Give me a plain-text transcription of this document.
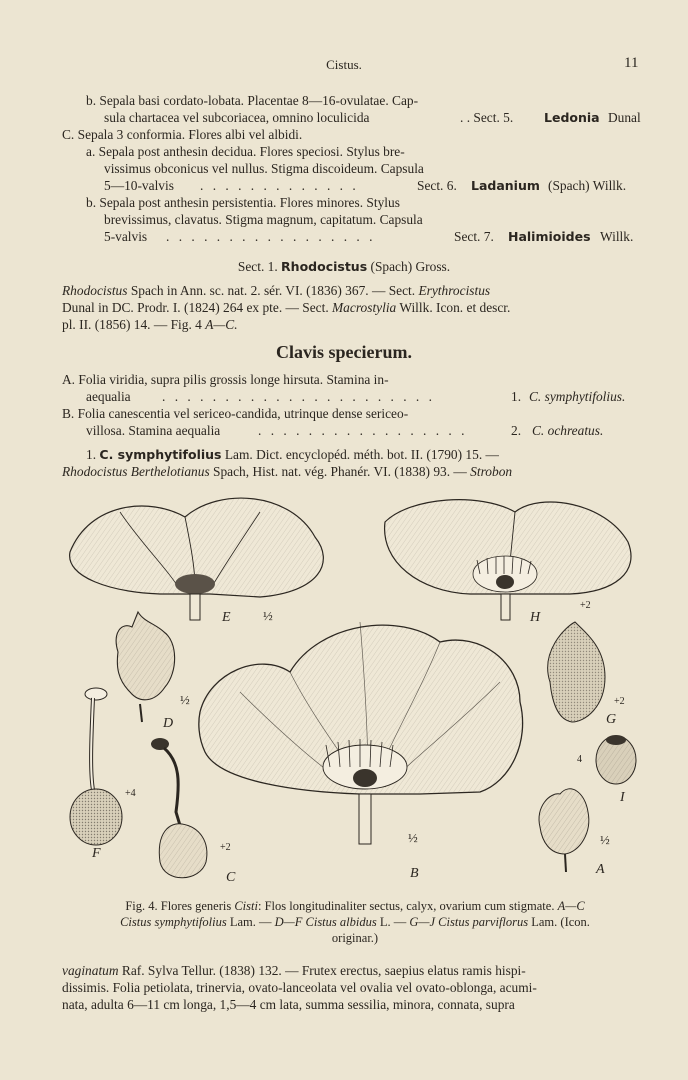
Cistus.	11
b. Sepala basi cordato-lobata. Placentae 8—16-ovulatae. Cap-
sula chartacea vel subcoriacea, omnino loculicida	. . Sect. 5. Ledonia Dunal
C. Sepala 3 conformia. Flores albi vel albidi.
a. Sepala post anthesin decidua. Flores speciosi. Stylus bre-
vissimus obconicus vel nullus. Stigma discoideum. Capsula
5—10-valvis . . . . . . . . . . . . .	Sect. 6. Ladanium (Spach) Willk.
b. Sepala post anthesin persistentia. Flores minores. Stylus
brevissimus, clavatus. Stigma magnum, capitatum. Capsula
5-valvis . . . . . . . . . . . . . . . . .	Sect. 7. Halimioides Willk.
Sect. 1. Rhodocistus (Spach) Gross.
Rhodocistus Spach in Ann. sc. nat. 2. sér. VI. (1836) 367. — Sect. Erythrocistus
Dunal in DC. Prodr. I. (1824) 264 ex pte. — Sect. Macrostylia Willk. Icon. et descr.
pl. II. (1856) 14. — Fig. 4 A—C.
Clavis specierum.
A. Folia viridia, supra pilis grossis longe hirsuta. Stamina in-
aequalia . . . . . . . . . . . . . . . . . . . . . .	1. C. symphytifolius.
B. Folia canescentia vel sericeo-candida, utrinque dense sericeo-
villosa. Stamina aequalia	. . . . . . . . . . . . . . . . .	2. C. ochreatus.
1. C. symphytifolius Lam. Dict. encyclopéd. méth. bot. II. (1790) 15. —
Rhodocistus Berthelotianus Spach, Hist. nat. vég. Phanér. VI. (1838) 93. — Strobon
E ½	H
+2
½
D
+2
G
+4
F	+2
C
½
B
4
I
½
A
Fig. 4. Flores generis Cisti: Flos longitudinaliter sectus, calyx, ovarium cum stigmate. A—C
Cistus symphytifolius Lam. — D—F Cistus albidus L. — G—J Cistus parviflorus Lam. (Icon.
originar.)
vaginatum Raf. Sylva Tellur. (1838) 132. — Frutex erectus, saepius elatus ramis hispi-
dissimis. Folia petiolata, trinervia, ovato-lanceolata vel ovalia vel ovato-oblonga, acumi-
nata, adulta 6—11 cm longa, 1,5—4 cm lata, summa sessilia, minora, connata, supra
